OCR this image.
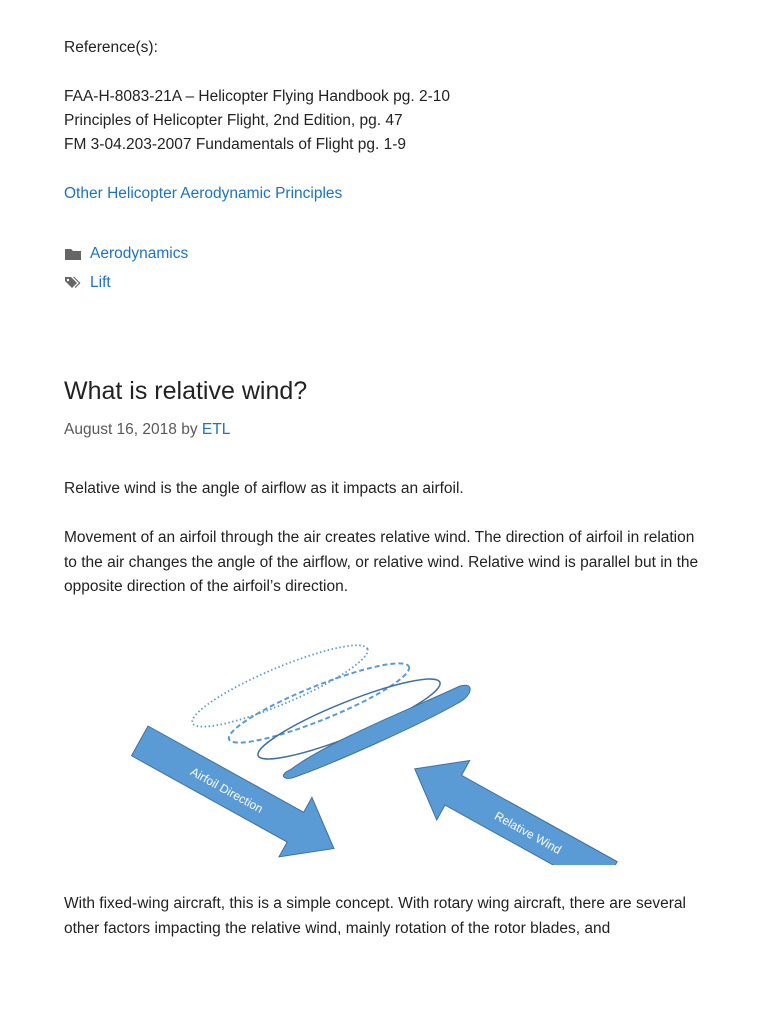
Reference(s):
FAA-H-8083-21A – Helicopter Flying Handbook pg. 2-10
Principles of Helicopter Flight, 2nd Edition, pg. 47
FM 3-04.203-2007 Fundamentals of Flight pg. 1-9
Other Helicopter Aerodynamic Principles
Aerodynamics
Lift
What is relative wind?
August 16, 2018 by ETL

Relative wind is the angle of airflow as it impacts an airfoil.

Movement of an airfoil through the air creates relative wind. The direction of airfoil in relation to the air changes the angle of the airflow, or relative wind. Relative wind is parallel but in the opposite direction of the airfoil’s direction.

With fixed-wing aircraft, this is a simple concept. With rotary wing aircraft, there are several other factors impacting the relative wind, mainly rotation of the rotor blades, and

Airfoil Direction
Relative Wind
